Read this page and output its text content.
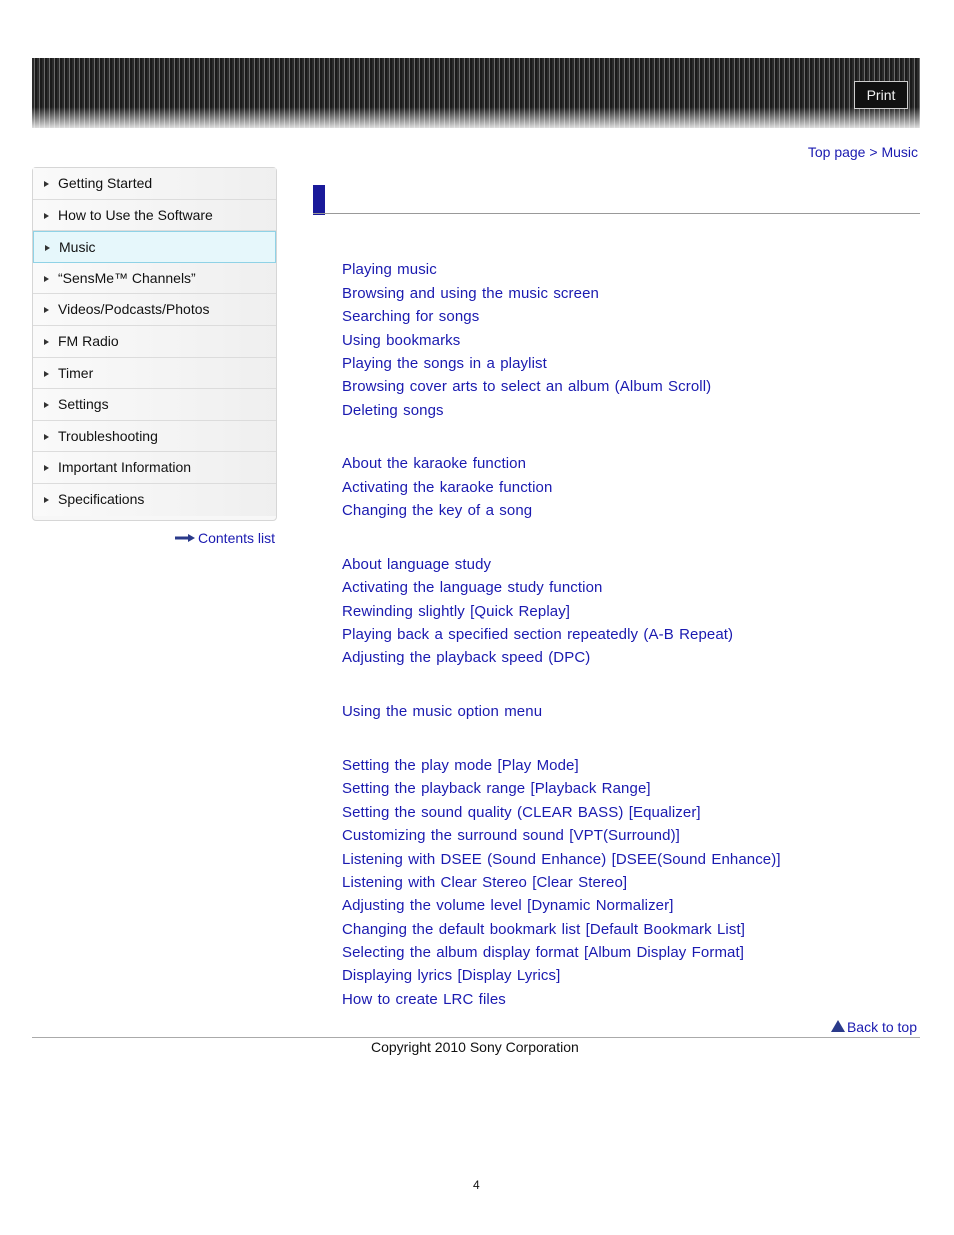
Print
Top page > Music
Getting Started
How to Use the Software
Music
“SensMe™ Channels”
Videos/Podcasts/Photos
FM Radio
Timer
Settings
Troubleshooting
Important Information
Specifications
Contents list
Playing music
Browsing and using the music screen
Searching for songs
Using bookmarks
Playing the songs in a playlist
Browsing cover arts to select an album (Album Scroll)
Deleting songs
About the karaoke function
Activating the karaoke function
Changing the key of a song
About language study
Activating the language study function
Rewinding slightly [Quick Replay]
Playing back a specified section repeatedly (A-B Repeat)
Adjusting the playback speed (DPC)
Using the music option menu
Setting the play mode [Play Mode]
Setting the playback range [Playback Range]
Setting the sound quality (CLEAR BASS) [Equalizer]
Customizing the surround sound [VPT(Surround)]
Listening with DSEE (Sound Enhance) [DSEE(Sound Enhance)]
Listening with Clear Stereo [Clear Stereo]
Adjusting the volume level [Dynamic Normalizer]
Changing the default bookmark list [Default Bookmark List]
Selecting the album display format [Album Display Format]
Displaying lyrics [Display Lyrics]
How to create LRC files
Back to top
Copyright 2010 Sony Corporation
4
